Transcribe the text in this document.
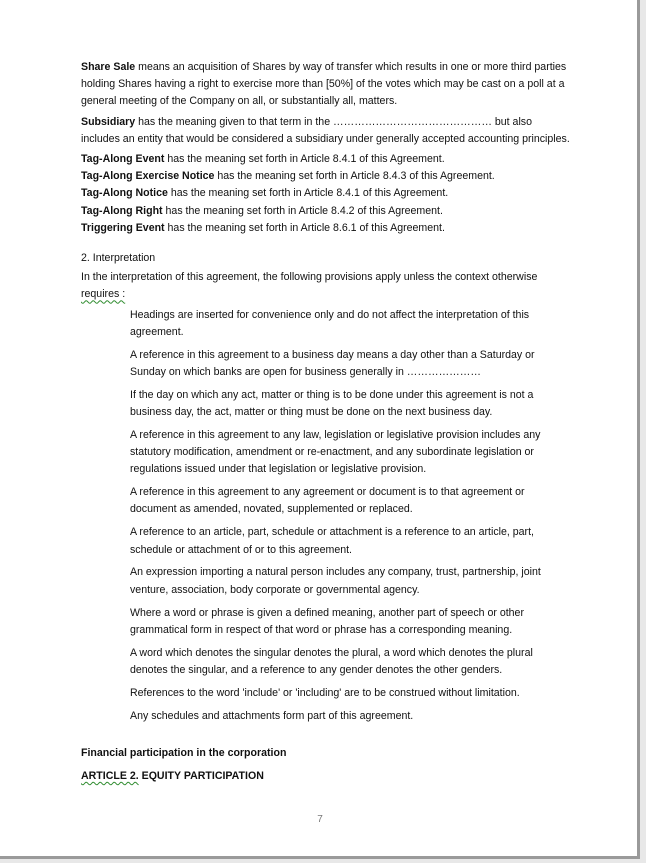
Share Sale means an acquisition of Shares by way of transfer which results in one or more third parties holding Shares having a right to exercise more than [50%] of the votes which may be cast on a poll at a general meeting of the Company on all, or substantially all, matters.

Subsidiary has the meaning given to that term in the ……………………………………… but also includes an entity that would be considered a subsidiary under generally accepted accounting principles.

Tag-Along Event has the meaning set forth in Article 8.4.1 of this Agreement.

Tag-Along Exercise Notice has the meaning set forth in Article 8.4.3 of this Agreement.

Tag-Along Notice has the meaning set forth in Article 8.4.1 of this Agreement.

Tag-Along Right has the meaning set forth in Article 8.4.2 of this Agreement.

Triggering Event has the meaning set forth in Article 8.6.1 of this Agreement.

2. Interpretation

In the interpretation of this agreement, the following provisions apply unless the context otherwise requires :

Headings are inserted for convenience only and do not affect the interpretation of this agreement.
A reference in this agreement to a business day means a day other than a Saturday or Sunday on which banks are open for business generally in …………………
If the day on which any act, matter or thing is to be done under this agreement is not a business day, the act, matter or thing must be done on the next business day.
A reference in this agreement to any law, legislation or legislative provision includes any statutory modification, amendment or re-enactment, and any subordinate legislation or regulations issued under that legislation or legislative provision.
A reference in this agreement to any agreement or document is to that agreement or document as amended, novated, supplemented or replaced.
A reference to an article, part, schedule or attachment is a reference to an article, part, schedule or attachment of or to this agreement.
An expression importing a natural person includes any company, trust, partnership, joint venture, association, body corporate or governmental agency.
Where a word or phrase is given a defined meaning, another part of speech or other grammatical form in respect of that word or phrase has a corresponding meaning.
A word which denotes the singular denotes the plural, a word which denotes the plural denotes the singular, and a reference to any gender denotes the other genders.
References to the word 'include' or 'including' are to be construed without limitation.
Any schedules and attachments form part of this agreement.
Financial participation in the corporation
ARTICLE 2. EQUITY PARTICIPATION
7
